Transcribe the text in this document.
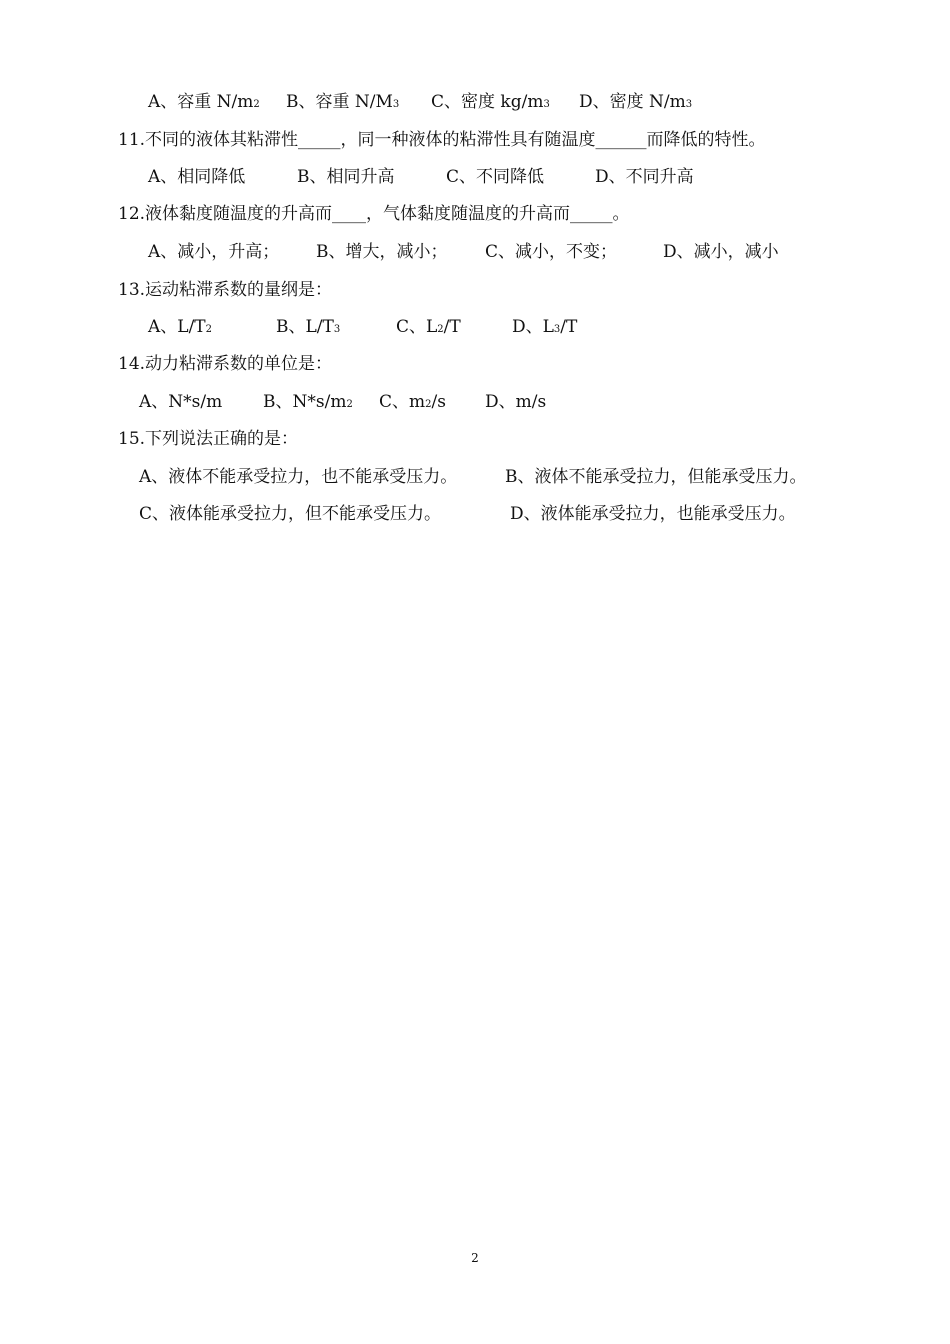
A、容重 N/m2 B、容重 N/M3 C、密度 kg/m3 D、密度 N/m3
11.不同的液体其粘滞性_____，同一种液体的粘滞性具有随温度______而降低的特性。
A、相同降低	B、相同升高	C、不同降低	D、不同升高
12.液体黏度随温度的升高而____，气体黏度随温度的升高而_____。
A、减小，升高； B、增大，减小； C、减小，不变；	D、减小，减小
13.运动粘滞系数的量纲是：
A、L/T2	B、L/T3	C、L2/T	D、L3/T
14.动力粘滞系数的单位是：
A、N*s/m B、N*s/m2 C、m2/s D、m/s
15.下列说法正确的是：
A、液体不能承受拉力，也不能承受压力。	B、液体不能承受拉力，但能承受压力。
C、液体能承受拉力，但不能承受压力。	D、液体能承受拉力，也能承受压力。
2
